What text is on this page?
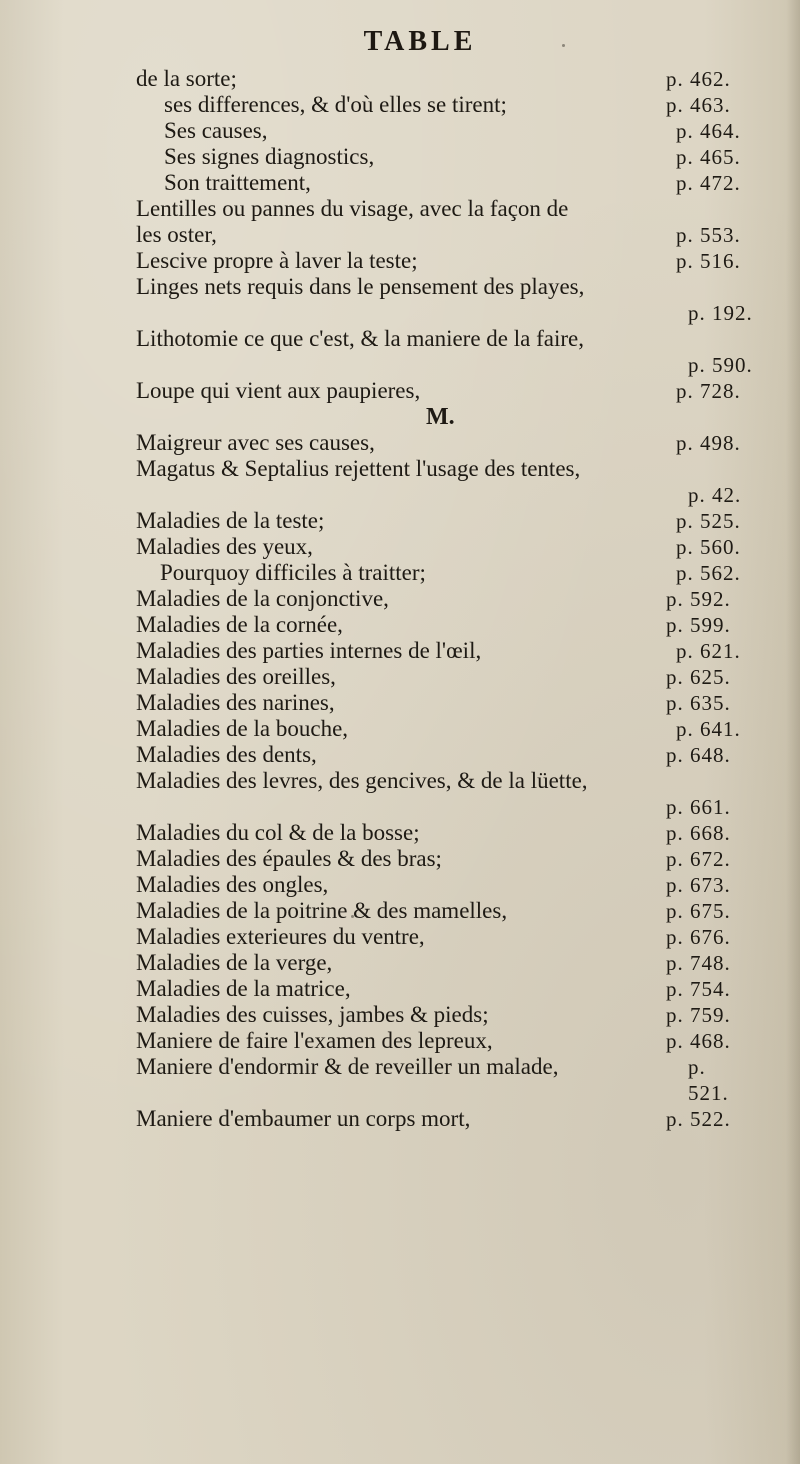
TABLE
de la sorte;	p. 462.
ses differences, & d'où elles se tirent;	p. 463.
Ses causes,	p. 464.
Ses signes diagnostics,	p. 465.
Son traittement,	p. 472.
Lentilles ou pannes du visage, avec la façon de
les oster,	p. 553.
Lescive propre à laver la teste;	p. 516.
Linges nets requis dans le pensement des playes,
p. 192.
Lithotomie ce que c'est, & la maniere de la faire,
p. 590.
Loupe qui vient aux paupieres,	p. 728.
M.
Maigreur avec ses causes,	p. 498.
Magatus & Septalius rejettent l'usage des tentes,
p. 42.
Maladies de la teste;	p. 525.
Maladies des yeux,	p. 560.
Pourquoy difficiles à traitter;	p. 562.
Maladies de la conjonctive,	p. 592.
Maladies de la cornée,	p. 599.
Maladies des parties internes de l'œil,	p. 621.
Maladies des oreilles,	p. 625.
Maladies des narines,	p. 635.
Maladies de la bouche,	p. 641.
Maladies des dents,	p. 648.
Maladies des levres, des gencives, & de la lüette,
p. 661.
Maladies du col & de la bosse;	p. 668.
Maladies des épaules & des bras;	p. 672.
Maladies des ongles,	p. 673.
Maladies de la poitrine & des mamelles,	p. 675.
Maladies exterieures du ventre,	p. 676.
Maladies de la verge,	p. 748.
Maladies de la matrice,	p. 754.
Maladies des cuisses, jambes & pieds;	p. 759.
Maniere de faire l'examen des lepreux,	p. 468.
Maniere d'endormir & de reveiller un malade,	p.
521.
Maniere d'embaumer un corps mort,	p. 522.
